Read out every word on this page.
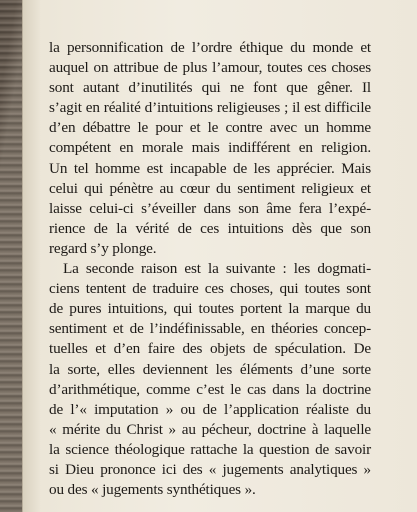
la personnification de l’ordre éthique du monde et
auquel on attribue de plus l’amour, toutes ces choses
sont autant d’inutilités qui ne font que gêner. Il
s’agit en réalité d’intuitions religieuses ; il est difficile
d’en débattre le pour et le contre avec un homme
compétent en morale mais indifférent en religion.
Un tel homme est incapable de les apprécier. Mais
celui qui pénètre au cœur du sentiment religieux et
laisse celui-ci s’éveiller dans son âme fera l’expé-
rience de la vérité de ces intuitions dès que son
regard s’y plonge.
La seconde raison est la suivante : les dogmati-
ciens tentent de traduire ces choses, qui toutes sont
de pures intuitions, qui toutes portent la marque du
sentiment et de l’indéfinissable, en théories concep-
tuelles et d’en faire des objets de spéculation. De
la sorte, elles deviennent les éléments d’une sorte
d’arithmétique, comme c’est le cas dans la doctrine
de l’« imputation » ou de l’application réaliste du
« mérite du Christ » au pécheur, doctrine à laquelle
la science théologique rattache la question de savoir
si Dieu prononce ici des « jugements analytiques »
ou des « jugements synthétiques ».
